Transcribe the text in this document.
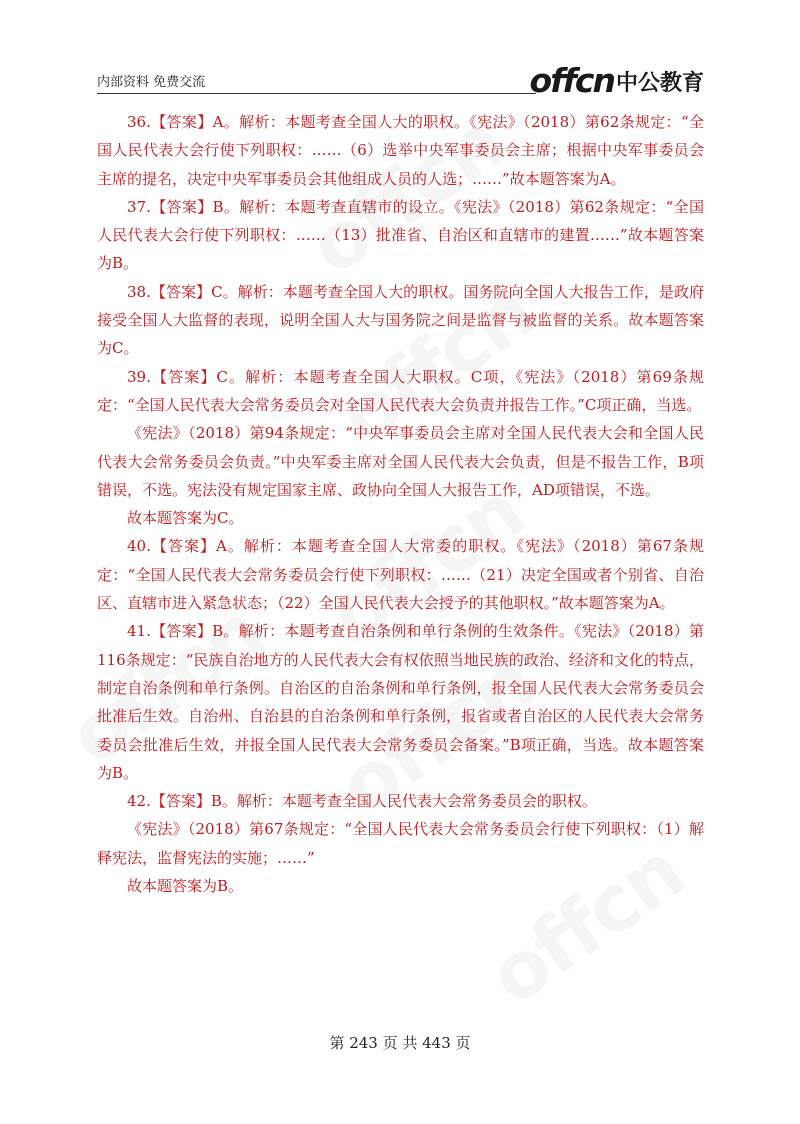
内部资料 免费交流	offcn 中公教育

36.【答案】A。解析：本题考查全国人大的职权。《宪法》（2018）第62条规定：“全国人民代表大会行使下列职权：……（6）选举中央军事委员会主席；根据中央军事委员会主席的提名，决定中央军事委员会其他组成人员的人选；……”故本题答案为A。

37.【答案】B。解析：本题考查直辖市的设立。《宪法》（2018）第62条规定：“全国人民代表大会行使下列职权：……（13）批准省、自治区和直辖市的建置……”故本题答案为B。

38.【答案】C。解析：本题考查全国人大的职权。国务院向全国人大报告工作，是政府接受全国人大监督的表现，说明全国人大与国务院之间是监督与被监督的关系。故本题答案为C。

39.【答案】C。解析：本题考查全国人大职权。C项，《宪法》（2018）第69条规定：“全国人民代表大会常务委员会对全国人民代表大会负责并报告工作。”C项正确，当选。

《宪法》（2018）第94条规定：“中央军事委员会主席对全国人民代表大会和全国人民代表大会常务委员会负责。”中央军委主席对全国人民代表大会负责，但是不报告工作，B项错误，不选。宪法没有规定国家主席、政协向全国人大报告工作，AD项错误，不选。

故本题答案为C。

40.【答案】A。解析：本题考查全国人大常委的职权。《宪法》（2018）第67条规定：“全国人民代表大会常务委员会行使下列职权：……（21）决定全国或者个别省、自治区、直辖市进入紧急状态；（22）全国人民代表大会授予的其他职权。”故本题答案为A。

41.【答案】B。解析：本题考查自治条例和单行条例的生效条件。《宪法》（2018）第116条规定：“民族自治地方的人民代表大会有权依照当地民族的政治、经济和文化的特点，制定自治条例和单行条例。自治区的自治条例和单行条例，报全国人民代表大会常务委员会批准后生效。自治州、自治县的自治条例和单行条例，报省或者自治区的人民代表大会常务委员会批准后生效，并报全国人民代表大会常务委员会备案。”B项正确，当选。故本题答案为B。

42.【答案】B。解析：本题考查全国人民代表大会常务委员会的职权。

《宪法》（2018）第67条规定：“全国人民代表大会常务委员会行使下列职权：（1）解释宪法，监督宪法的实施；……”

故本题答案为B。

第 243 页 共 443 页
